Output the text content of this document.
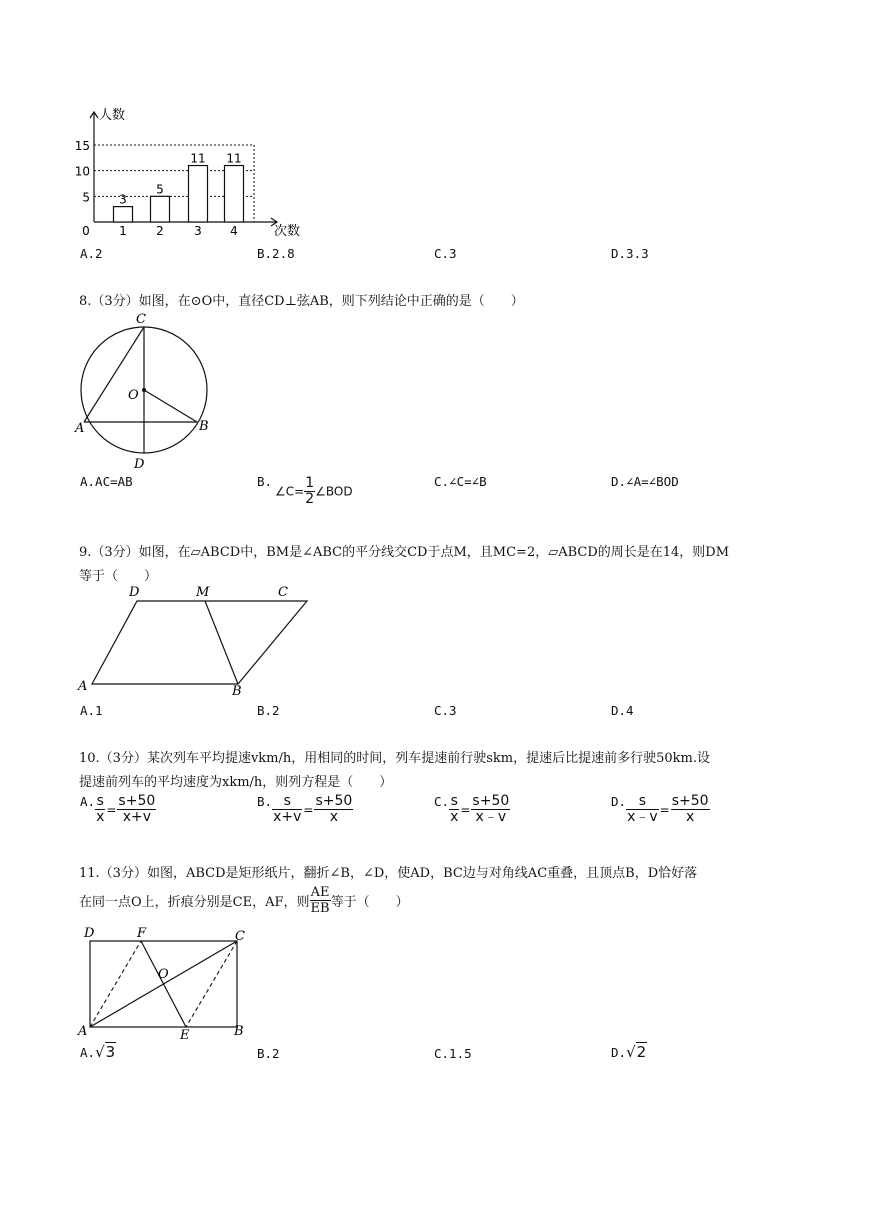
人数
次数
0
5
10
15
3
1
5
2
11
3
11
4
A.2	B.2.8	C.3	D.3.3
8.（3分）如图，在⊙O中，直径CD⊥弦AB，则下列结论中正确的是（　　）
C
O
A	B
D
A.AC=AB	B.
∠C= $\frac{1}{2}$ ∠BOD
C.∠C=∠B	D.∠A=∠BOD
9.（3分）如图，在▱ABCD中，BM是∠ABC的平分线交CD于点M，且MC=2，▱ABCD的周长是在14，则DM
等于（　　）
D	M	C
A	B
A.1	B.2	C.3	D.4
10.（3分）某次列车平均提速vkm/h，用相同的时间，列车提速前行驶skm，提速后比提速前多行驶50km.设
提速前列车的平均速度为xkm/h，则列方程是（　　）
A. $\frac{s}{x} = \frac{s+50}{x+v}$	B. $\frac{s}{x+v} = \frac{s+50}{x}$	C. $\frac{s}{x} = \frac{s+50}{x﹣v}$	D. $\frac{s}{x﹣v} = \frac{s+50}{x}$
11.（3分）如图，ABCD是矩形纸片，翻折∠B，∠D，使AD，BC边与对角线AC重叠，且顶点B，D恰好落
在同一点O上，折痕分别是CE，AF，则 $\frac{AE}{EB}$ 等于（　　）
D	F	C
O
A	E	B
A.√3	B.2	C.1.5	D.√2
